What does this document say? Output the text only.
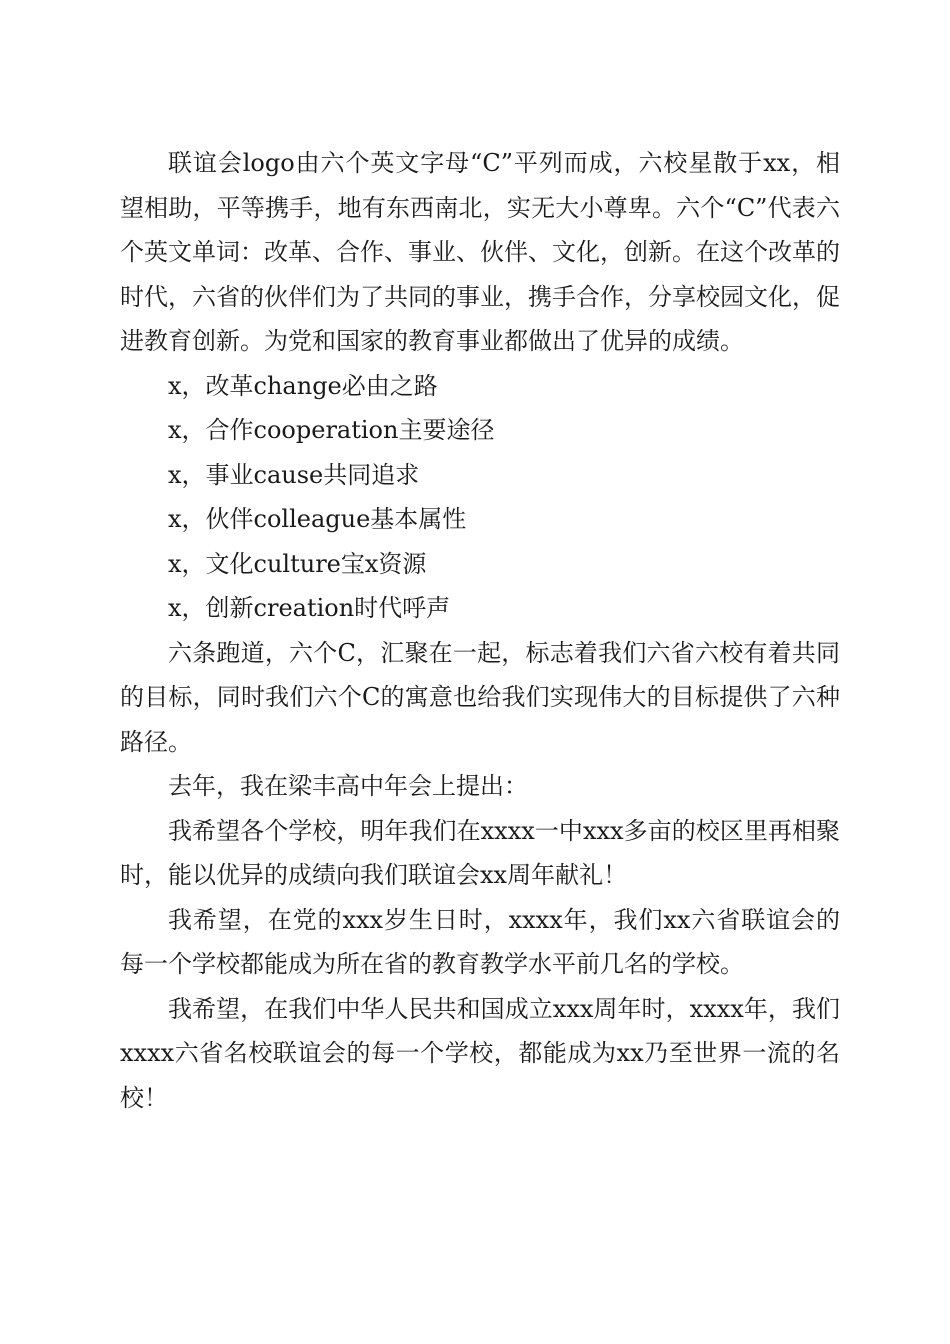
联谊会logo由六个英文字母“C”平列而成，六校星散于xx，相望相助，平等携手，地有东西南北，实无大小尊卑。六个“C”代表六个英文单词：改革、合作、事业、伙伴、文化，创新。在这个改革的时代，六省的伙伴们为了共同的事业，携手合作，分享校园文化，促进教育创新。为党和国家的教育事业都做出了优异的成绩。

x，改革change必由之路

x，合作cooperation主要途径

x，事业cause共同追求

x，伙伴colleague基本属性

x，文化culture宝x资源

x，创新creation时代呼声

六条跑道，六个C，汇聚在一起，标志着我们六省六校有着共同的目标，同时我们六个C的寓意也给我们实现伟大的目标提供了六种路径。

去年，我在梁丰高中年会上提出：

我希望各个学校，明年我们在xxxx一中xxx多亩的校区里再相聚时，能以优异的成绩向我们联谊会xx周年献礼！

我希望，在党的xxx岁生日时，xxxx年，我们xx六省联谊会的每一个学校都能成为所在省的教育教学水平前几名的学校。

我希望，在我们中华人民共和国成立xxx周年时，xxxx年，我们xxxx六省名校联谊会的每一个学校，都能成为xx乃至世界一流的名校！
